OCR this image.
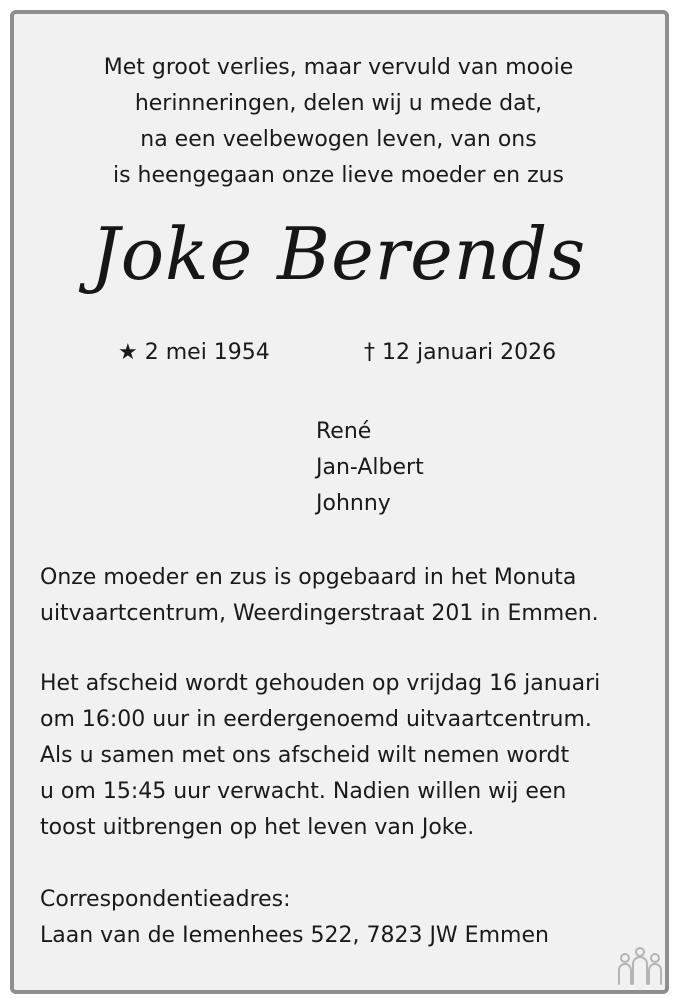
Met groot verlies, maar vervuld van mooie
herinneringen, delen wij u mede dat,
na een veelbewogen leven, van ons
is heengegaan onze lieve moeder en zus
Joke Berends
★ 2 mei 1954	† 12 januari 2026
René
Jan-Albert
Johnny
Onze moeder en zus is opgebaard in het Monuta
uitvaartcentrum, Weerdingerstraat 201 in Emmen.
Het afscheid wordt gehouden op vrijdag 16 januari
om 16:00 uur in eerdergenoemd uitvaartcentrum.
Als u samen met ons afscheid wilt nemen wordt
u om 15:45 uur verwacht. Nadien willen wij een
toost uitbrengen op het leven van Joke.
Correspondentieadres:
Laan van de Iemenhees 522, 7823 JW Emmen
